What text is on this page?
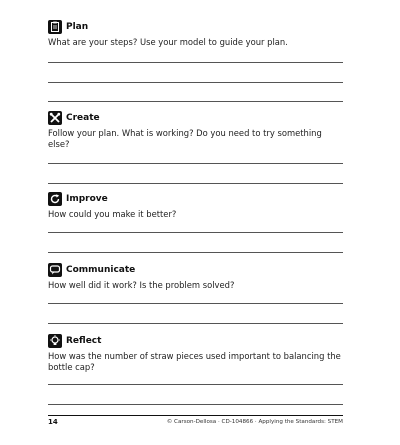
Plan
What are your steps? Use your model to guide your plan.
Create
Follow your plan. What is working? Do you need to try something else?
Improve
How could you make it better?
Communicate
How well did it work? Is the problem solved?
Reflect
How was the number of straw pieces used important to balancing the bottle cap?
14	© Carson-Dellosa · CD-104866 · Applying the Standards: STEM
